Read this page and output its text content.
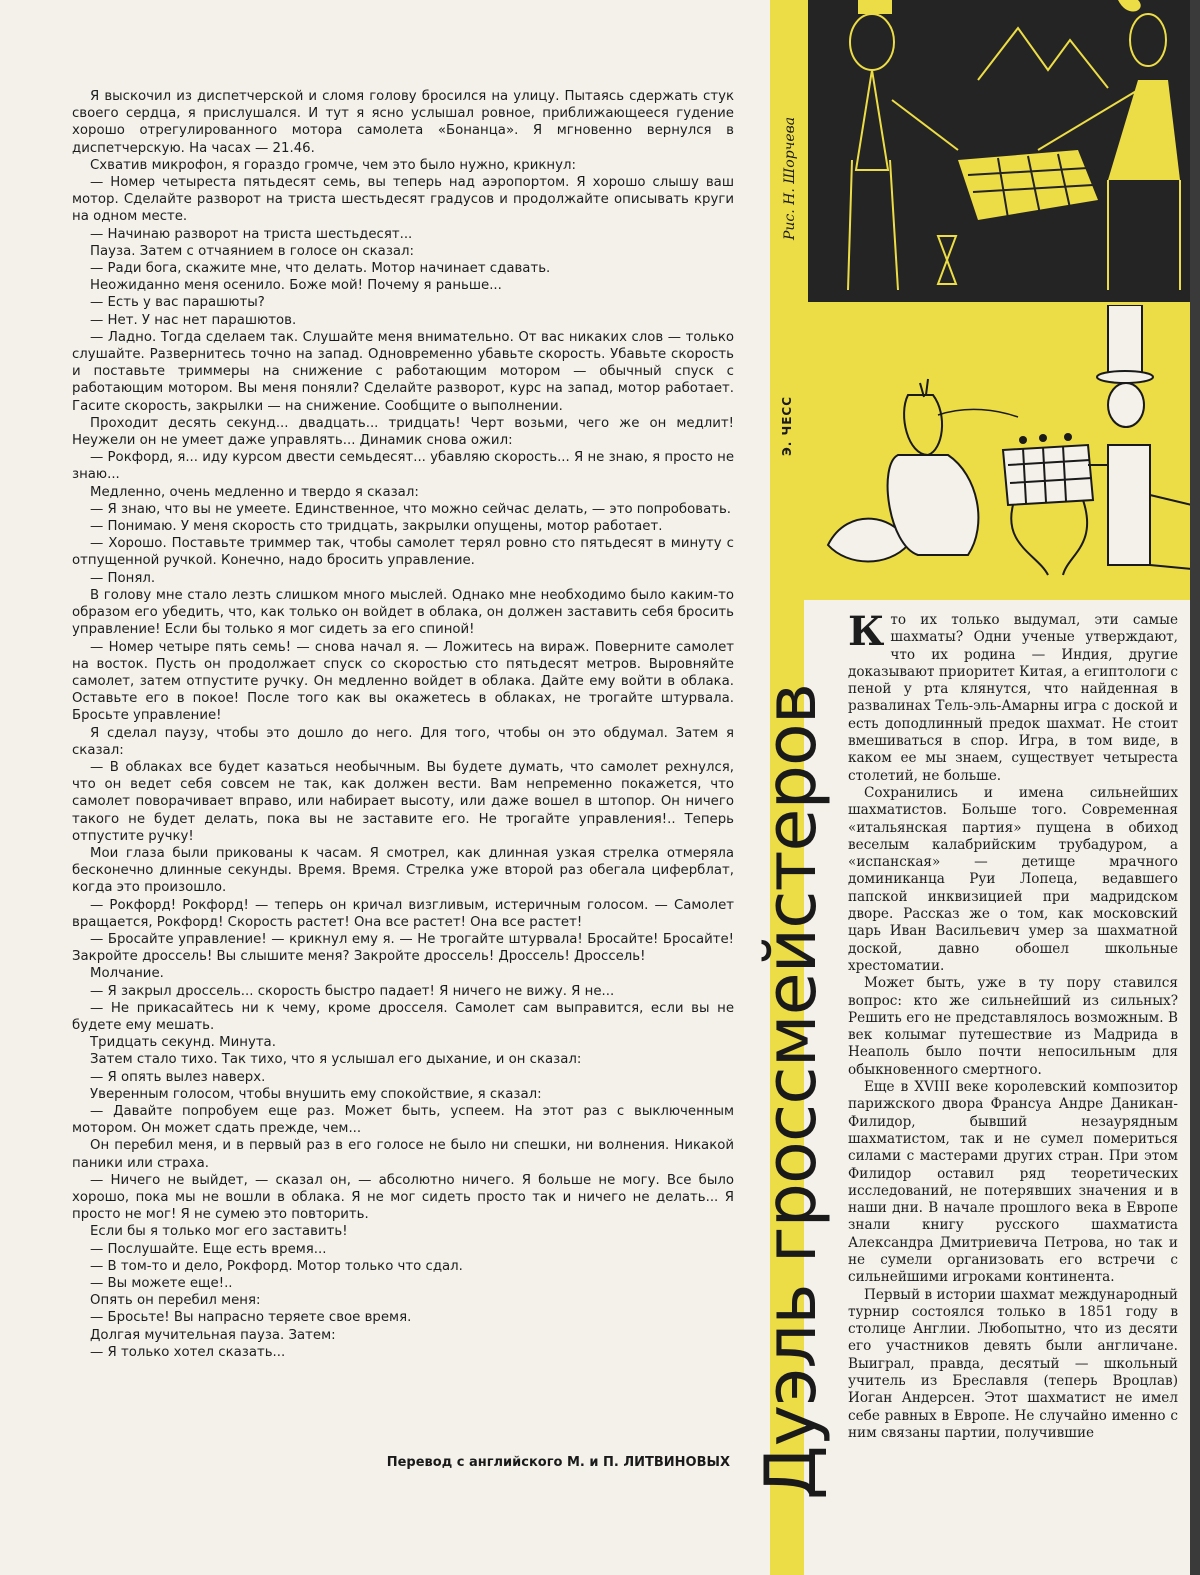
Я выскочил из диспетчерской и сломя голову бросился на улицу. Пытаясь сдержать стук своего сердца, я прислушался. И тут я ясно услышал ровное, приближающееся гудение хорошо отрегулированного мотора самолета «Бонанца». Я мгновенно вернулся в диспетчерскую. На часах — 21.46.

Схватив микрофон, я гораздо громче, чем это было нужно, крикнул:

— Номер четыреста пятьдесят семь, вы теперь над аэропортом. Я хорошо слышу ваш мотор. Сделайте разворот на триста шестьдесят градусов и продолжайте описывать круги на одном месте.

— Начинаю разворот на триста шестьдесят...

Пауза. Затем с отчаянием в голосе он сказал:

— Ради бога, скажите мне, что делать. Мотор начинает сдавать.

Неожиданно меня осенило. Боже мой! Почему я раньше...

— Есть у вас парашюты?

— Нет. У нас нет парашютов.

— Ладно. Тогда сделаем так. Слушайте меня внимательно. От вас никаких слов — только слушайте. Развернитесь точно на запад. Одновременно убавьте скорость. Убавьте скорость и поставьте триммеры на снижение с работающим мотором — обычный спуск с работающим мотором. Вы меня поняли? Сделайте разворот, курс на запад, мотор работает. Гасите скорость, закрылки — на снижение. Сообщите о выполнении.

Проходит десять секунд... двадцать... тридцать! Черт возьми, чего же он медлит! Неужели он не умеет даже управлять... Динамик снова ожил:

— Рокфорд, я... иду курсом двести семьдесят... убавляю скорость... Я не знаю, я просто не знаю...

Медленно, очень медленно и твердо я сказал:

— Я знаю, что вы не умеете. Единственное, что можно сейчас делать, — это попробовать.

— Понимаю. У меня скорость сто тридцать, закрылки опущены, мотор работает.

— Хорошо. Поставьте триммер так, чтобы самолет терял ровно сто пятьдесят в минуту с отпущенной ручкой. Конечно, надо бросить управление.

— Понял.

В голову мне стало лезть слишком много мыслей. Однако мне необходимо было каким-то образом его убедить, что, как только он войдет в облака, он должен заставить себя бросить управление! Если бы только я мог сидеть за его спиной!

— Номер четыре пять семь! — снова начал я. — Ложитесь на вираж. Поверните самолет на восток. Пусть он продолжает спуск со скоростью сто пятьдесят метров. Выровняйте самолет, затем отпустите ручку. Он медленно войдет в облака. Дайте ему войти в облака. Оставьте его в покое! После того как вы окажетесь в облаках, не трогайте штурвала. Бросьте управление!

Я сделал паузу, чтобы это дошло до него. Для того, чтобы он это обдумал. Затем я сказал:

— В облаках все будет казаться необычным. Вы будете думать, что самолет рехнулся, что он ведет себя совсем не так, как должен вести. Вам непременно покажется, что самолет поворачивает вправо, или набирает высоту, или даже вошел в штопор. Он ничего такого не будет делать, пока вы не заставите его. Не трогайте управления!.. Теперь отпустите ручку!

Мои глаза были прикованы к часам. Я смотрел, как длинная узкая стрелка отмеряла бесконечно длинные секунды. Время. Время. Стрелка уже второй раз обегала циферблат, когда это произошло.

— Рокфорд! Рокфорд! — теперь он кричал визгливым, истеричным голосом. — Самолет вращается, Рокфорд! Скорость растет! Она все растет! Она все растет!

— Бросайте управление! — крикнул ему я. — Не трогайте штурвала! Бросайте! Бросайте! Закройте дроссель! Вы слышите меня? Закройте дроссель! Дроссель! Дроссель!

Молчание.

— Я закрыл дроссель... скорость быстро падает! Я ничего не вижу. Я не...

— Не прикасайтесь ни к чему, кроме дросселя. Самолет сам выправится, если вы не будете ему мешать.

Тридцать секунд. Минута.

Затем стало тихо. Так тихо, что я услышал его дыхание, и он сказал:

— Я опять вылез наверх.

Уверенным голосом, чтобы внушить ему спокойствие, я сказал:

— Давайте попробуем еще раз. Может быть, успеем. На этот раз с выключенным мотором. Он может сдать прежде, чем...

Он перебил меня, и в первый раз в его голосе не было ни спешки, ни волнения. Никакой паники или страха.

— Ничего не выйдет, — сказал он, — абсолютно ничего. Я больше не могу. Все было хорошо, пока мы не вошли в облака. Я не мог сидеть просто так и ничего не делать... Я просто не мог! Я не сумею это повторить.

Если бы я только мог его заставить!

— Послушайте. Еще есть время...

— В том-то и дело, Рокфорд. Мотор только что сдал.

— Вы можете еще!..

Опять он перебил меня:

— Бросьте! Вы напрасно теряете свое время.

Долгая мучительная пауза. Затем:

— Я только хотел сказать...

Перевод с английского М. и П. ЛИТВИНОВЫХ
Рис. Н. Шорчева
Э. ЧЕСС
Дуэль гроссмейстеров

Кто их только выдумал, эти самые шахматы? Одни ученые утверждают, что их родина — Индия, другие доказывают приоритет Китая, а египтологи с пеной у рта клянутся, что найденная в развалинах Тель-эль-Амарны игра с доской и есть доподлинный предок шахмат. Не стоит вмешиваться в спор. Игра, в том виде, в каком ее мы знаем, существует четыреста столетий, не больше.

Сохранились и имена сильнейших шахматистов. Больше того. Современная «итальянская партия» пущена в обиход веселым калабрийским трубадуром, а «испанская» — детище мрачного доминиканца Руи Лопеца, ведавшего папской инквизицией при мадридском дворе. Рассказ же о том, как московский царь Иван Васильевич умер за шахматной доской, давно обошел школьные хрестоматии.

Может быть, уже в ту пору ставился вопрос: кто же сильнейший из сильных? Решить его не представлялось возможным. В век колымаг путешествие из Мадрида в Неаполь было почти непосильным для обыкновенного смертного.

Еще в XVIII веке королевский композитор парижского двора Франсуа Андре Даникан-Филидор, бывший незаурядным шахматистом, так и не сумел помериться силами с мастерами других стран. При этом Филидор оставил ряд теоретических исследований, не потерявших значения и в наши дни. В начале прошлого века в Европе знали книгу русского шахматиста Александра Дмитриевича Петрова, но так и не сумели организовать его встречи с сильнейшими игроками континента.

Первый в истории шахмат международный турнир состоялся только в 1851 году в столице Англии. Любопытно, что из десяти его участников девять были англичане. Выиграл, правда, десятый — школьный учитель из Бреславля (теперь Вроцлав) Иоган Андерсен. Этот шахматист не имел себе равных в Европе. Не случайно именно с ним связаны партии, получившие
